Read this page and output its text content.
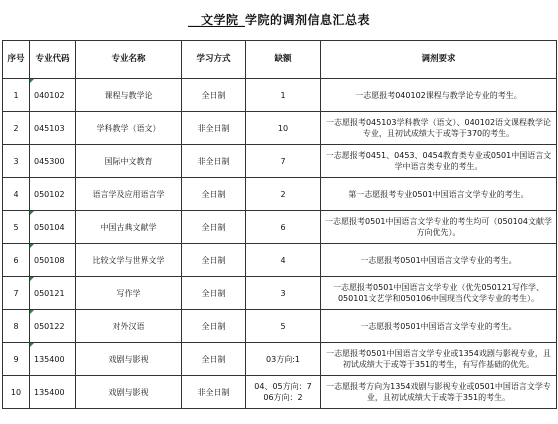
__文学院_学院的调剂信息汇总表
序号	专业代码	专业名称	学习方式	缺额	调剂要求
1	040102	课程与教学论	全日制	1	一志愿报考040102课程与教学论专业的考生。
2	045103	学科教学（语文）	非全日制	10	一志愿报考045103学科教学（语文）、040102语文课程教学论专业，且初试成绩大于或等于370的考生。
3	045300	国际中文教育	非全日制	7	一志愿报考0451、0453、0454教育类专业或0501中国语言文学中语言类专业的考生。
4	050102	语言学及应用语言学	全日制	2	第一志愿报考专业0501中国语言文学专业的考生。
5	050104	中国古典文献学	全日制	6	一志愿报考0501中国语言文学专业的考生均可（050104文献学方向优先）。
6	050108	比较文学与世界文学	全日制	4	一志愿报考0501中国语言文学专业的考生。
7	050121	写作学	全日制	3	一志愿报考0501中国语言文学专业（优先050121写作学、050101文艺学和050106中国现当代文学专业的考生）。
8	050122	对外汉语	全日制	5	一志愿报考0501中国语言文学专业的考生。
9	135400	戏剧与影视	全日制	03方向:1	一志愿报考0501中国语言文学专业或1354戏剧与影视专业，且初试成绩大于或等于351的考生，有写作基础的优先。
10	135400	戏剧与影视	非全日制	04、05方向：7
06方向：2	一志愿报考方向为1354戏剧与影视专业或0501中国语言文学专业，且初试成绩大于或等于351的考生。
